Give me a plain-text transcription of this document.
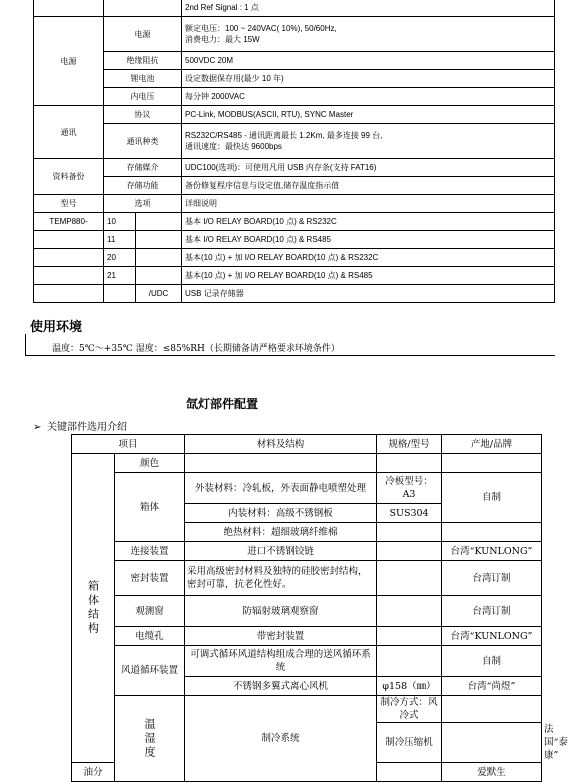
			2nd Ref Signal : 1 点
电源	电源		额定电压：100 ~ 240VAC( 10%), 50/60Hz,
消费电力：最大 15W

	绝缘阻抗		500VDC 20M
	锂电池		设定数据保存用(最少 10 年)
	内电压		每分钟 2000VAC
通讯	协议		PC-Link, MODBUS(ASCII, RTU), SYNC Master
	通讯种类		RS232C/RS485 - 通讯距离最长 1.2Km, 最多连接 99 台,
通讯速度：最快达 9600bps

资料备份	存储媒介		UDC100(选项)：可使用凡用 USB 内存条(支持 FAT16)
	存储功能		备份修复程序信息与设定值,储存温度指示值
型号	选项		详细说明
TEMP880-	10		基本 I/O RELAY BOARD(10 点) & RS232C
	11		基本 I/O RELAY BOARD(10 点) & RS485
	20		基本(10 点) + 加 I/O RELAY BOARD(10 点) & RS232C
	21		基本(10 点) + 加 I/O RELAY BOARD(10 点) & RS485
		/UDC	USB 记录存储器
使用环境
温度：5℃～+35℃ 湿度：≤85%RH（长期储备请严格要求环境条件）
氙灯部件配置
➢ 关键部件选用介绍
项目		材料及结构	规格/型号	产地/品牌	
箱体结构	颜色				
	箱体	外装材料：冷轧板，外表面静电喷塑处理	冷板型号：A3	自制	
		内装材料：高级不锈钢板	SUS304		
		绝热材料：超细玻璃纤维棉			
	连接装置	进口不锈钢铰链		台湾“KUNLONG”	
	密封装置	采用高级密封材料及独特的硅胶密封结构，密封可靠，抗老化性好。		台湾订制	
	观测窗	防辐射玻璃观察窗		台湾订制	
	电缆孔	带密封装置		台湾“KUNLONG”	
	风道循环装置	可调式循环风道结构组成合理的送风循环系统		自制	
		不锈钢多翼式离心风机	φ158（㎜）	台湾“尚煜”	
	温湿度	制冷系统	制冷方式：风冷式		
			制冷压缩机		法国“泰康”
油分				爱默生	
